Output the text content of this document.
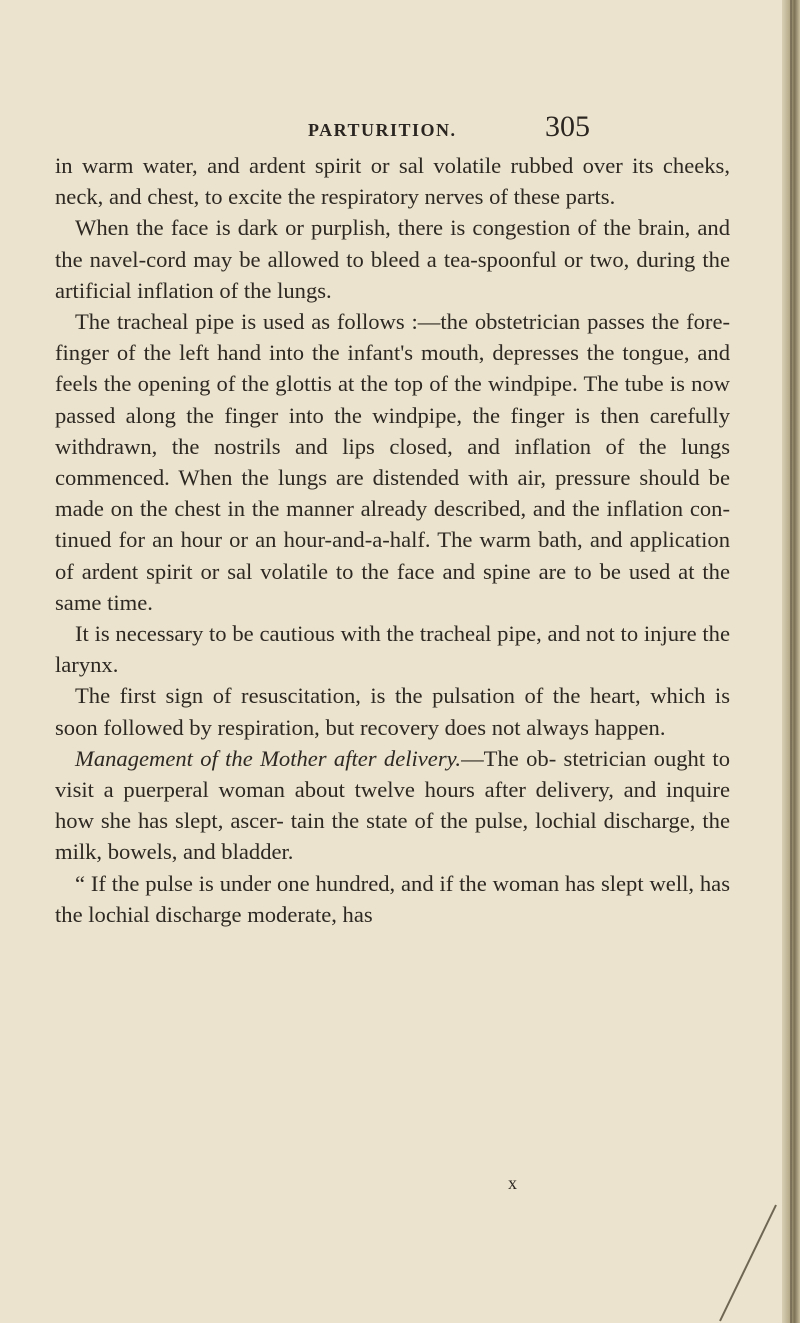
PARTURITION.	305

in warm water, and ardent spirit or sal volatile rubbed over its cheeks, neck, and chest, to excite the respiratory nerves of these parts.

When the face is dark or purplish, there is congestion of the brain, and the navel-cord may be allowed to bleed a tea-spoonful or two, during the artificial inflation of the lungs.

The tracheal pipe is used as follows :—the obstetrician passes the fore-finger of the left hand into the infant's mouth, depresses the tongue, and feels the opening of the glottis at the top of the windpipe. The tube is now passed along the finger into the windpipe, the finger is then carefully withdrawn, the nostrils and lips closed, and inflation of the lungs commenced. When the lungs are distended with air, pressure should be made on the chest in the manner already described, and the inflation con- tinued for an hour or an hour-and-a-half. The warm bath, and application of ardent spirit or sal volatile to the face and spine are to be used at the same time.

It is necessary to be cautious with the tracheal pipe, and not to injure the larynx.

The first sign of resuscitation, is the pulsation of the heart, which is soon followed by respiration, but recovery does not always happen.

Management of the Mother after delivery.—The ob- stetrician ought to visit a puerperal woman about twelve hours after delivery, and inquire how she has slept, ascer- tain the state of the pulse, lochial discharge, the milk, bowels, and bladder.

“ If the pulse is under one hundred, and if the woman has slept well, has the lochial discharge moderate, has

x
